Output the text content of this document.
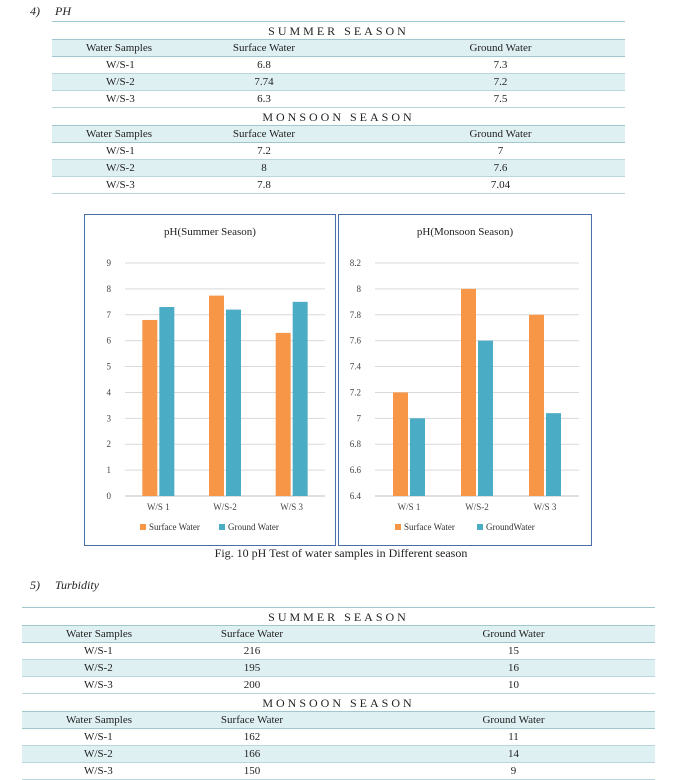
4) PH
SUMMER SEASON		
Water Samples	Surface Water	Ground Water
W/S-1	6.8	7.3
W/S-2	7.74	7.2
W/S-3	6.3	7.5
MONSOON SEASON		
Water Samples	Surface Water	Ground Water
W/S-1	7.2	7
W/S-2	8	7.6
W/S-3	7.8	7.04
pH(Summer Season)
0
1
2
3
4
5
6
7
8
9
W/S 1	W/S-2	W/S 3
Surface Water	Ground Water
pH(Monsoon Season)
6.4
6.6
6.8
7
7.2
7.4
7.6
7.8
8
8.2
W/S 1	W/S-2	W/S 3
Surface Water	GroundWater
Fig. 10 pH Test of water samples in Different season
5) Turbidity
SUMMER SEASON		
Water Samples	Surface Water	Ground Water
W/S-1	216	15
W/S-2	195	16
W/S-3	200	10
MONSOON SEASON		
Water Samples	Surface Water	Ground Water
W/S-1	162	11
W/S-2	166	14
W/S-3	150	9
